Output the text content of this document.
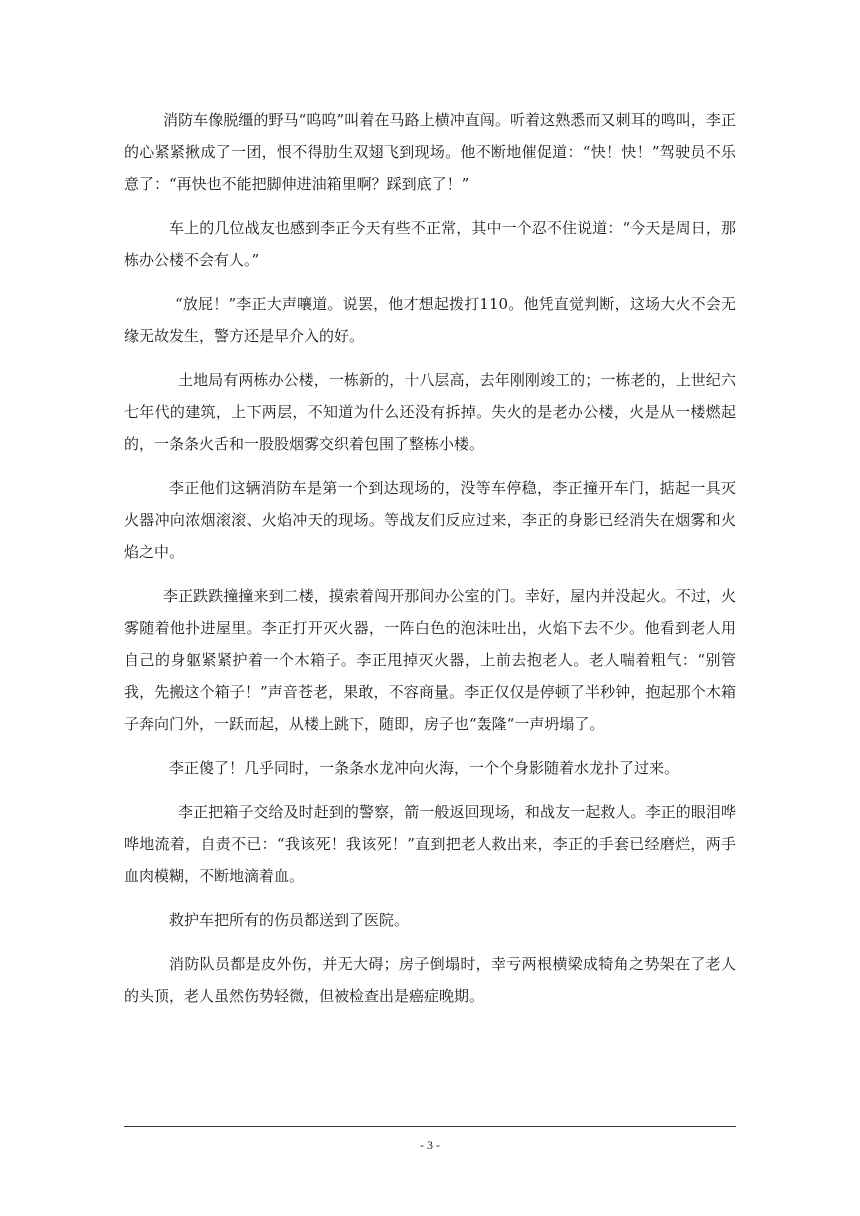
消防车像脱缰的野马“呜呜”叫着在马路上横冲直闯。听着这熟悉而又刺耳的鸣叫，李正的心紧紧揪成了一团，恨不得肋生双翅飞到现场。他不断地催促道：“快！快！”驾驶员不乐意了：“再快也不能把脚伸进油箱里啊？踩到底了！”

车上的几位战友也感到李正今天有些不正常，其中一个忍不住说道：“今天是周日，那栋办公楼不会有人。”

“放屁！”李正大声嚷道。说罢，他才想起拨打110。他凭直觉判断，这场大火不会无缘无故发生，警方还是早介入的好。

土地局有两栋办公楼，一栋新的，十八层高，去年刚刚竣工的；一栋老的，上世纪六七年代的建筑，上下两层，不知道为什么还没有拆掉。失火的是老办公楼，火是从一楼燃起的，一条条火舌和一股股烟雾交织着包围了整栋小楼。

李正他们这辆消防车是第一个到达现场的，没等车停稳，李正撞开车门，掂起一具灭火器冲向浓烟滚滚、火焰冲天的现场。等战友们反应过来，李正的身影已经消失在烟雾和火焰之中。

李正跌跌撞撞来到二楼，摸索着闯开那间办公室的门。幸好，屋内并没起火。不过，火雾随着他扑进屋里。李正打开灭火器，一阵白色的泡沫吐出，火焰下去不少。他看到老人用自己的身躯紧紧护着一个木箱子。李正甩掉灭火器，上前去抱老人。老人喘着粗气：“别管我，先搬这个箱子！”声音苍老，果敢，不容商量。李正仅仅是停顿了半秒钟，抱起那个木箱子奔向门外，一跃而起，从楼上跳下，随即，房子也“轰隆“一声坍塌了。

李正傻了！几乎同时，一条条水龙冲向火海，一个个身影随着水龙扑了过来。

李正把箱子交给及时赶到的警察，箭一般返回现场，和战友一起救人。李正的眼泪哗哗地流着，自责不已：“我该死！我该死！”直到把老人救出来，李正的手套已经磨烂，两手血肉模糊，不断地滴着血。

救护车把所有的伤员都送到了医院。

消防队员都是皮外伤，并无大碍；房子倒塌时，幸亏两根横梁成犄角之势架在了老人的头顶，老人虽然伤势轻微，但被检查出是癌症晚期。

- 3 -
